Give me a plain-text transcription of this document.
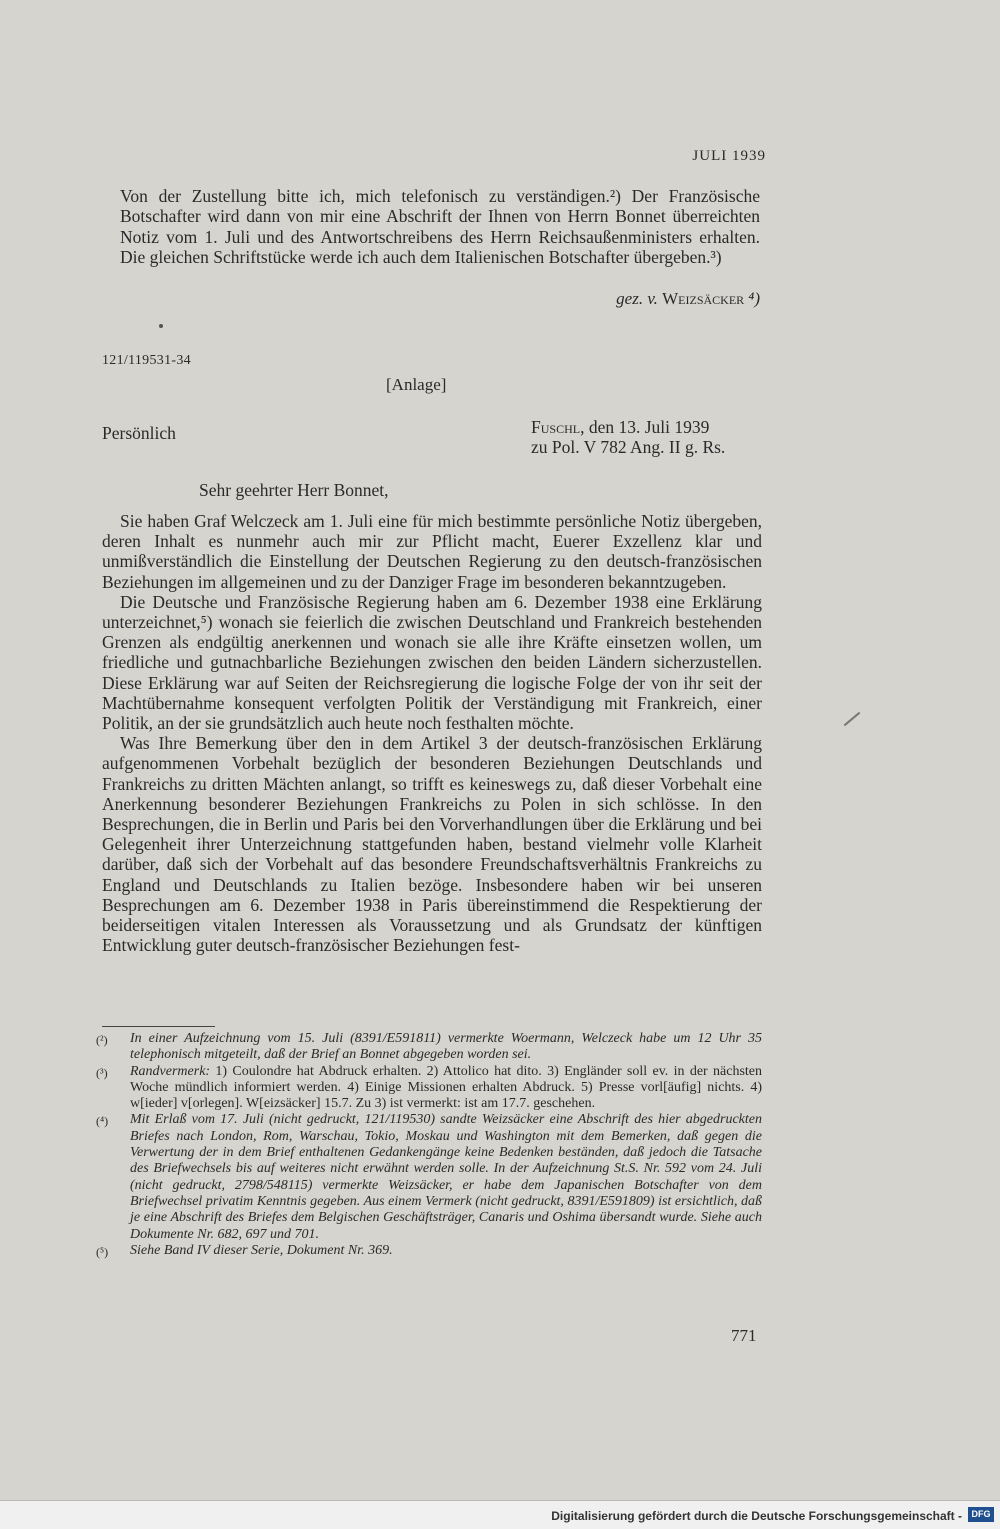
JULI 1939
Von der Zustellung bitte ich, mich telefonisch zu verständigen.²) Der Französische Botschafter wird dann von mir eine Abschrift der Ihnen von Herrn Bonnet überreichten Notiz vom 1. Juli und des Antwortschreibens des Herrn Reichsaußenministers erhalten. Die gleichen Schriftstücke werde ich auch dem Italienischen Botschafter übergeben.³)
gez. v. Weizsäcker ⁴)
121/119531-34
[Anlage]
Persönlich	Fuschl, den 13. Juli 1939
zu Pol. V 782 Ang. II g. Rs.
Sehr geehrter Herr Bonnet,

Sie haben Graf Welczeck am 1. Juli eine für mich bestimmte persönliche Notiz übergeben, deren Inhalt es nunmehr auch mir zur Pflicht macht, Euerer Exzellenz klar und unmißverständlich die Einstellung der Deutschen Regierung zu den deutsch-französischen Beziehungen im allgemeinen und zu der Danziger Frage im besonderen bekanntzugeben.

Die Deutsche und Französische Regierung haben am 6. Dezember 1938 eine Erklärung unterzeichnet,⁵) wonach sie feierlich die zwischen Deutschland und Frankreich bestehenden Grenzen als endgültig anerkennen und wonach sie alle ihre Kräfte einsetzen wollen, um friedliche und gutnachbarliche Beziehungen zwischen den beiden Ländern sicherzustellen. Diese Erklärung war auf Seiten der Reichsregierung die logische Folge der von ihr seit der Machtübernahme konsequent verfolgten Politik der Verständigung mit Frankreich, einer Politik, an der sie grundsätzlich auch heute noch festhalten möchte.

Was Ihre Bemerkung über den in dem Artikel 3 der deutsch-französischen Erklärung aufgenommenen Vorbehalt bezüglich der besonderen Beziehungen Deutschlands und Frankreichs zu dritten Mächten anlangt, so trifft es keineswegs zu, daß dieser Vorbehalt eine Anerkennung besonderer Beziehungen Frankreichs zu Polen in sich schlösse. In den Besprechungen, die in Berlin und Paris bei den Vorverhandlungen über die Erklärung und bei Gelegenheit ihrer Unterzeichnung stattgefunden haben, bestand vielmehr volle Klarheit darüber, daß sich der Vorbehalt auf das besondere Freundschaftsverhältnis Frankreichs zu England und Deutschlands zu Italien bezöge. Insbesondere haben wir bei unseren Besprechungen am 6. Dezember 1938 in Paris übereinstimmend die Respektierung der beiderseitigen vitalen Interessen als Voraussetzung und als Grundsatz der künftigen Entwicklung guter deutsch-französischer Beziehungen fest-

(²)	In einer Aufzeichnung vom 15. Juli (8391/E591811) vermerkte Woermann, Welczeck habe um 12 Uhr 35 telephonisch mitgeteilt, daß der Brief an Bonnet abgegeben worden sei.
(³)	Randvermerk: 1) Coulondre hat Abdruck erhalten. 2) Attolico hat dito. 3) Engländer soll ev. in der nächsten Woche mündlich informiert werden. 4) Einige Missionen erhalten Abdruck. 5) Presse vorl[äufig] nichts. 4) w[ieder] v[orlegen]. W[eizsäcker] 15.7. Zu 3) ist vermerkt: ist am 17.7. geschehen.
(⁴)	Mit Erlaß vom 17. Juli (nicht gedruckt, 121/119530) sandte Weizsäcker eine Abschrift des hier abgedruckten Briefes nach London, Rom, Warschau, Tokio, Moskau und Washington mit dem Bemerken, daß gegen die Verwertung der in dem Brief enthaltenen Gedankengänge keine Bedenken beständen, daß jedoch die Tatsache des Briefwechsels bis auf weiteres nicht erwähnt werden solle. In der Aufzeichnung St.S. Nr. 592 vom 24. Juli (nicht gedruckt, 2798/548115) vermerkte Weizsäcker, er habe dem Japanischen Botschafter von dem Briefwechsel privatim Kenntnis gegeben. Aus einem Vermerk (nicht gedruckt, 8391/E591809) ist ersichtlich, daß je eine Abschrift des Briefes dem Belgischen Geschäftsträger, Canaris und Oshima übersandt wurde. Siehe auch Dokumente Nr. 682, 697 und 701.
(⁵)	Siehe Band IV dieser Serie, Dokument Nr. 369.
771
Digitalisierung gefördert durch die Deutsche Forschungsgemeinschaft -	DFG
